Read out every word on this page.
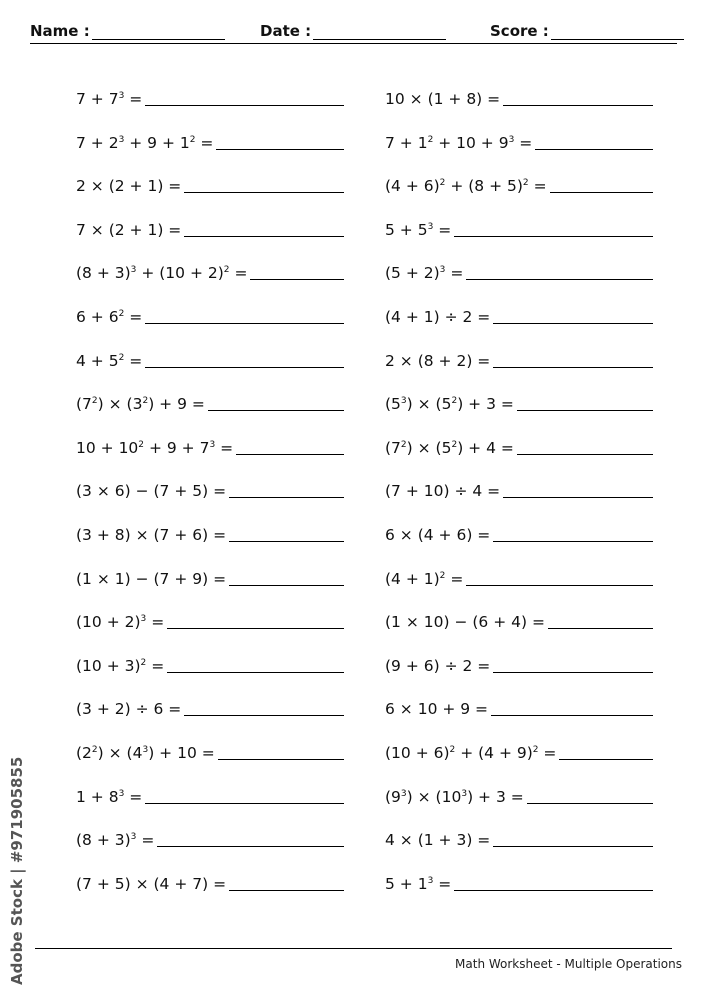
Name :	Date :	Score :
$7 + 7^3$ =
$7 + 2^3 + 9 + 1^2$ =
2 × (2 + 1) =
7 × (2 + 1) =
$(8 + 3)^3 + (10 + 2)^2$ =
$6 + 6^2$ =
$4 + 5^2$ =
$(7^2) \times (3^2) + 9$ =
$10 + 10^2 + 9 + 7^3$ =
(3 × 6) − (7 + 5) =
(3 + 8) × (7 + 6) =
(1 × 1) − (7 + 9) =
$(10 + 2)^3$ =
$(10 + 3)^2$ =
(3 + 2) ÷ 6 =
$(2^2) \times (4^3) + 10$ =
$1 + 8^3$ =
$(8 + 3)^3$ =
(7 + 5) × (4 + 7) =
10 × (1 + 8) =
$7 + 1^2 + 10 + 9^3$ =
$(4 + 6)^2 + (8 + 5)^2$ =
$5 + 5^3$ =
$(5 + 2)^3$ =
(4 + 1) ÷ 2 =
2 × (8 + 2) =
$(5^3) \times (5^2) + 3$ =
$(7^2) \times (5^2) + 4$ =
(7 + 10) ÷ 4 =
6 × (4 + 6) =
$(4 + 1)^2$ =
(1 × 10) − (6 + 4) =
(9 + 6) ÷ 2 =
6 × 10 + 9 =
$(10 + 6)^2 + (4 + 9)^2$ =
$(9^3) \times (10^3) + 3$ =
4 × (1 + 3) =
$5 + 1^3$ =
Math Worksheet - Multiple Operations
Adobe Stock | #971905855
